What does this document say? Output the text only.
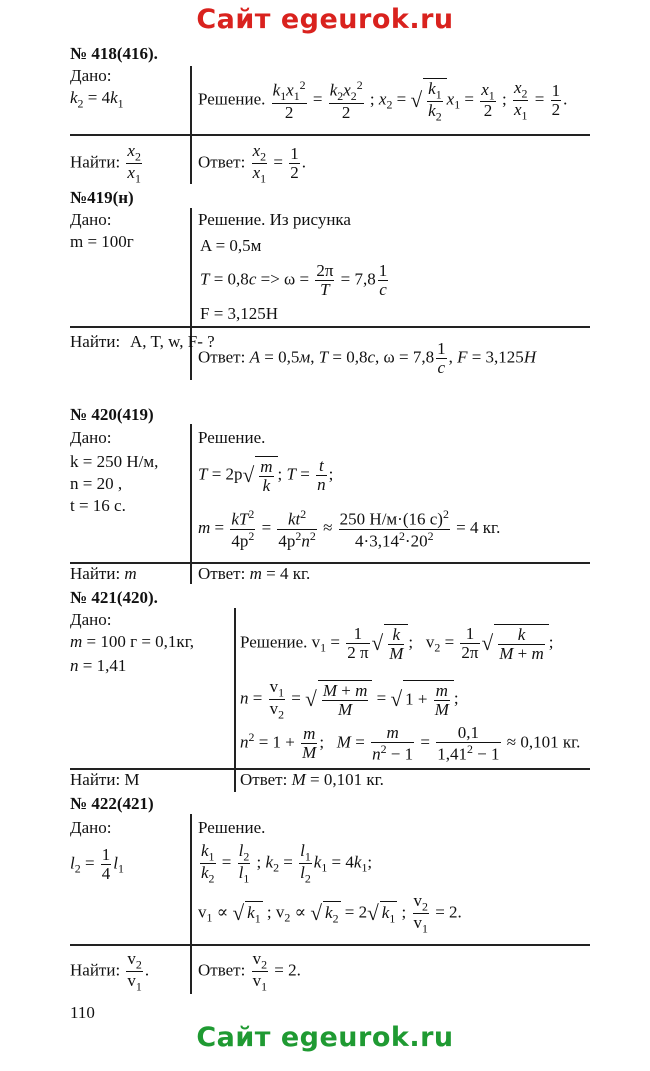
Сайт egeurok.ru
№ 418(416).
Дано:
$k_2 = 4k_1$	Решение. $\frac{k_1x_1^2}{2} = \frac{k_2x_2^2}{2}$ ; $x_2$ = √ $\frac{k_1}{k_2} x_1 = \frac{x_1}{2}$ ; $\frac{x_2}{x_1} = \frac{1}{2}$ .
Найти: $\frac{x_2}{x_1}$	Ответ: $\frac{x_2}{x_1} = \frac{1}{2}$ .
№419(н)
Дано:
m = 100г
Решение. Из рисунка
A = 0,5м
$T = 0,8с => \omega = \frac{2\pi}{T} = 7,8 \frac{1}{с}$
F = 3,125H
Найти: A, T, w, F- ?
Ответ: A = 0,5м, T = 0,8с, $\omega = 7,8 \frac{1}{с}$ , F = 3,125H
№ 420(419)
Дано:
k = 250 Н/м,
n = 20 ,
t = 16 с.
Решение.
$T = 2p√ \frac{m}{k}$ ; $T = \frac{t}{n}$ ;
$m = \frac{kT^2}{4p^2} = \frac{kt^2}{4p^2n^2} \approx \frac{250 Н/м\cdot(16 с)^2}{4\cdot 3,14^2\cdot 20^2} = 4$ кг.
Найти: m	Ответ: m = 4 кг.
№ 421(420).
Дано:
m = 100 г = 0,1кг,
n = 1,41
Решение. $v_1 = \frac{1}{2 \pi}$ √ $\frac{k}{M}$ ;   $v_2 = \frac{1}{2\pi}$ √ $\frac{k}{M + m}$ ;
$n = \frac{v_1}{v_2}$ = √ $\frac{M + m}{M}$ = √ $1 + \frac{m}{M}$ ;
$n^2 = 1 + \frac{m}{M}$ ;   $M = \frac{m}{n^2 - 1} = \frac{0,1}{1,41^2 - 1} \approx 0,101$ кг.
Найти: M	Ответ: M = 0,101 кг.
№ 422(421)
Дано:
$l_2 = \frac{1}{4} l_1$
Решение.
$\frac{k_1}{k_2} = \frac{l_2}{l_1}$ ; $k_2 = \frac{l_1}{l_2} k_1 = 4k_1$;
$v_1$ ∝ √ $k_1$ ; $v_2$ ∝ √ $k_2 = 2√$ $k_1$ ; $\frac{v_2}{v_1} = 2$.
Найти: $\frac{v_2}{v_1}$ .	Ответ: $\frac{v_2}{v_1} = 2$.
110
Сайт egeurok.ru
